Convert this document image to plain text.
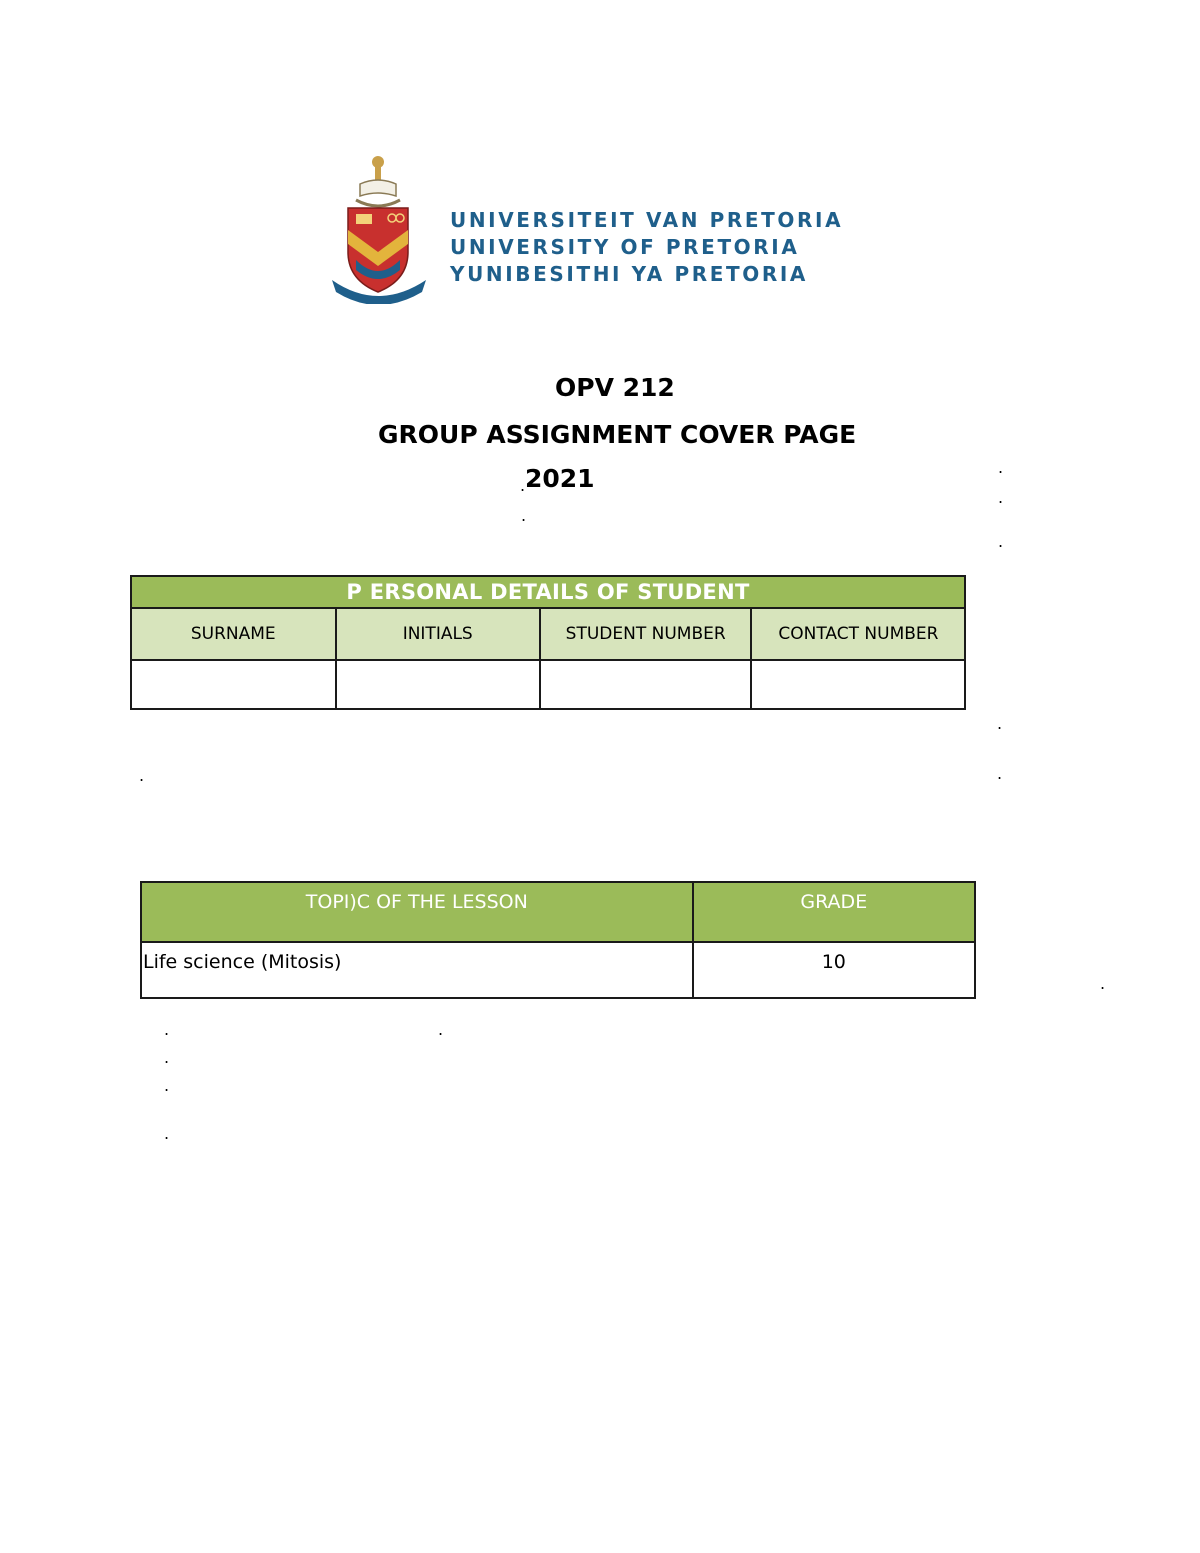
UNIVERSITEIT VAN PRETORIA
UNIVERSITY OF PRETORIA
YUNIBESITHI YA PRETORIA
OPV 212
GROUP ASSIGNMENT COVER PAGE
2021
.
.
.
.
.
.
.	.
.
.	.
.
.
.
P ERSONAL DETAILS OF STUDENT			
SURNAME	INITIALS	STUDENT NUMBER	CONTACT NUMBER

TOPI)C OF THE LESSON	GRADE
Life science (Mitosis)	10
